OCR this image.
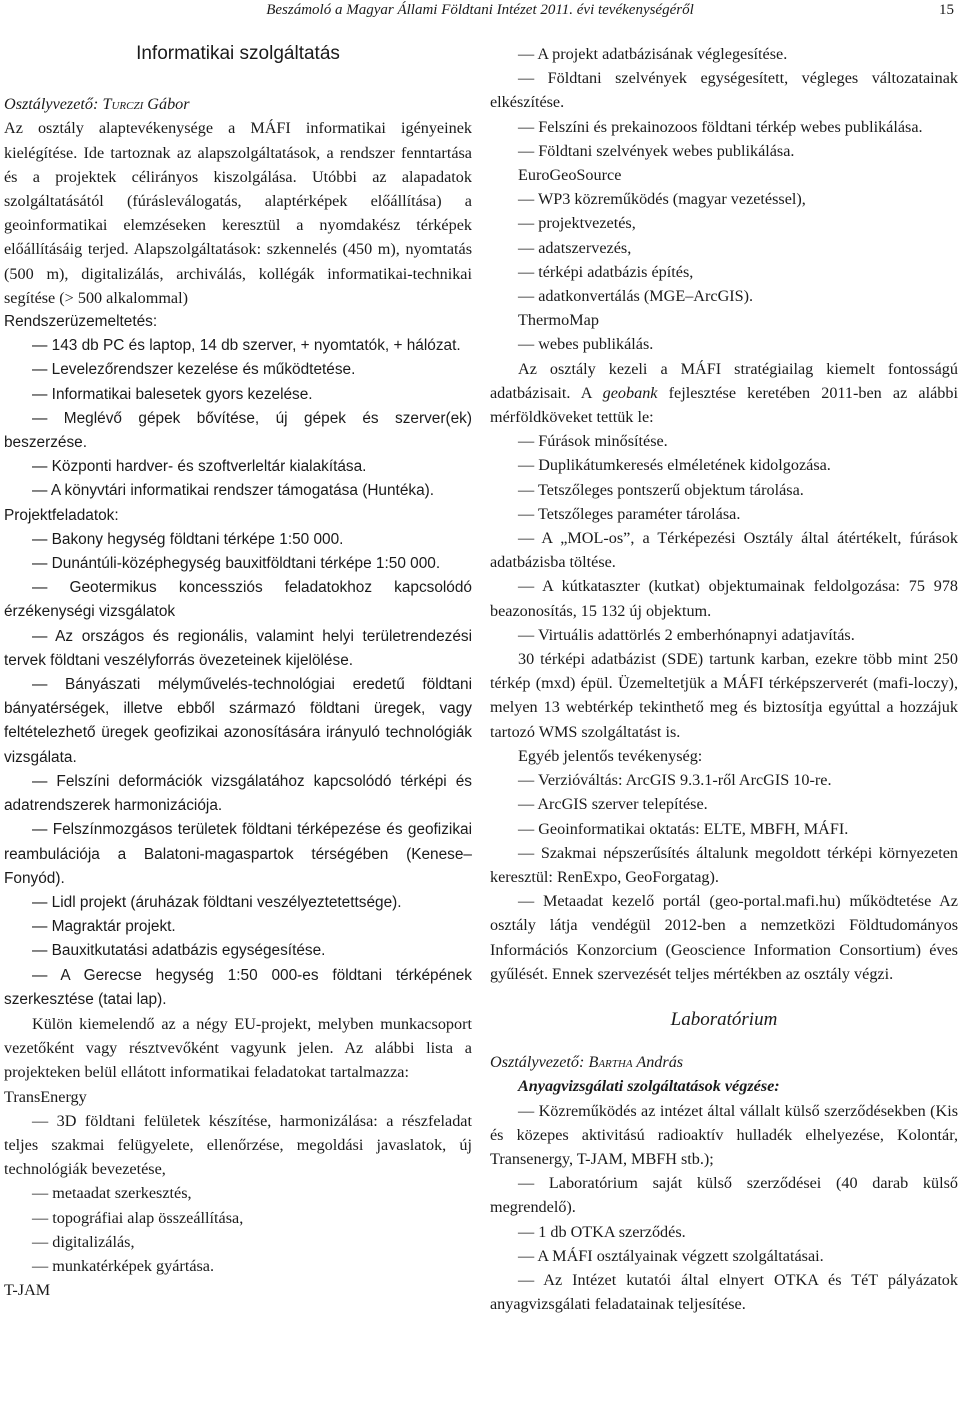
Beszámoló a Magyar Állami Földtani Intézet 2011. évi tevékenységéről	15
Informatikai szolgáltatás

Osztályvezető: Turczi Gábor

Az osztály alaptevékenysége a MÁFI informatikai igényeinek kielégítése. Ide tartoznak az alapszolgáltatások, a rendszer fenntartása és a projektek célirányos kiszolgálása. Utóbbi az alapadatok szolgáltatásától (fúrásleválogatás, alaptérképek előállítása) a geoinformatikai elemzéseken keresztül a nyomdakész térképek előállításáig terjed. Alapszolgáltatások: szkennelés (450 m), nyomtatás (500 m), digitalizálás, archiválás, kollégák informatikai-technikai segítése (> 500 alkalommal)

Rendszerüzemeltetés:

— 143 db PC és laptop, 14 db szerver, + nyomtatók, + hálózat.

— Levelezőrendszer kezelése és működtetése.

— Informatikai balesetek gyors kezelése.

— Meglévő gépek bővítése, új gépek és szerver(ek) beszerzése.

— Központi hardver- és szoftverleltár kialakítása.

— A könyvtári informatikai rendszer támogatása (Huntéka).

Projektfeladatok:

— Bakony hegység földtani térképe 1:50 000.

— Dunántúli-középhegység bauxitföldtani térképe 1:50 000.

— Geotermikus koncessziós feladatokhoz kapcsolódó érzékenységi vizsgálatok

— Az országos és regionális, valamint helyi területrendezési tervek földtani veszélyforrás övezeteinek kijelölése.

— Bányászati mélyművelés-technológiai eredetű földtani bányatérségek, illetve ebből származó földtani üregek, vagy feltételezhető üregek geofizikai azonosítására irányuló technológiák vizsgálata.

— Felszíni deformációk vizsgálatához kapcsolódó térképi és adatrendszerek harmonizációja.

— Felszínmozgásos területek földtani térképezése és geofizikai reambulációja a Balatoni-magaspartok térségében (Kenese–Fonyód).

— Lidl projekt (áruházak földtani veszélyeztetettsége).

— Magraktár projekt.

— Bauxitkutatási adatbázis egységesítése.

— A Gerecse hegység 1:50 000-es földtani térképének szerkesztése (tatai lap).

Külön kiemelendő az a négy EU-projekt, melyben munkacsoport vezetőként vagy résztvevőként vagyunk jelen. Az alábbi lista a projekteken belül ellátott informatikai feladatokat tartalmazza:

TransEnergy

— 3D földtani felületek készítése, harmonizálása: a részfeladat teljes szakmai felügyelete, ellenőrzése, megoldási javaslatok, új technológiák bevezetése,

— metaadat szerkesztés,

— topográfiai alap összeállítása,

— digitalizálás,

— munkatérképek gyártása.

T-JAM

— A projekt adatbázisának véglegesítése.

— Földtani szelvények egységesített, végleges változatainak elkészítése.

— Felszíni és prekainozoos földtani térkép webes publikálása.

— Földtani szelvények webes publikálása.

EuroGeoSource

— WP3 közreműködés (magyar vezetéssel),

— projektvezetés,

— adatszervezés,

— térképi adatbázis építés,

— adatkonvertálás (MGE–ArcGIS).

ThermoMap

— webes publikálás.

Az osztály kezeli a MÁFI stratégiailag kiemelt fontosságú adatbázisait. A geobank fejlesztése keretében 2011-ben az alábbi mérföldköveket tettük le:

— Fúrások minősítése.

— Duplikátumkeresés elméletének kidolgozása.

— Tetszőleges pontszerű objektum tárolása.

— Tetszőleges paraméter tárolása.

— A „MOL-os”, a Térképezési Osztály által átértékelt, fúrások adatbázisba töltése.

— A kútkataszter (kutkat) objektumainak feldolgozása: 75 978 beazonosítás, 15 132 új objektum.

— Virtuális adattörlés 2 emberhónapnyi adatjavítás.

30 térképi adatbázist (SDE) tartunk karban, ezekre több mint 250 térkép (mxd) épül. Üzemeltetjük a MÁFI térképszerverét (mafi-loczy), melyen 13 webtérkép tekinthető meg és biztosítja egyúttal a hozzájuk tartozó WMS szolgáltatást is.

Egyéb jelentős tevékenység:

— Verzióváltás: ArcGIS 9.3.1-ről ArcGIS 10-re.

— ArcGIS szerver telepítése.

— Geoinformatikai oktatás: ELTE, MBFH, MÁFI.

— Szakmai népszerűsítés általunk megoldott térképi környezeten keresztül: RenExpo, GeoForgatag).

— Metaadat kezelő portál (geo-portal.mafi.hu) működtetése Az osztály látja vendégül 2012-ben a nemzetközi Földtudományos Információs Konzorcium (Geoscience Information Consortium) éves gyűlését. Ennek szervezését teljes mértékben az osztály végzi.

Laboratórium

Osztályvezető: Bartha András

Anyagvizsgálati szolgáltatások végzése:

— Közreműködés az intézet által vállalt külső szerződésekben (Kis és közepes aktivitású radioaktív hulladék elhelyezése, Kolontár, Transenergy, T-JAM, MBFH stb.);

— Laboratórium saját külső szerződései (40 darab külső megrendelő).

— 1 db OTKA szerződés.

— A MÁFI osztályainak végzett szolgáltatásai.

— Az Intézet kutatói által elnyert OTKA és TéT pályázatok anyagvizsgálati feladatainak teljesítése.
